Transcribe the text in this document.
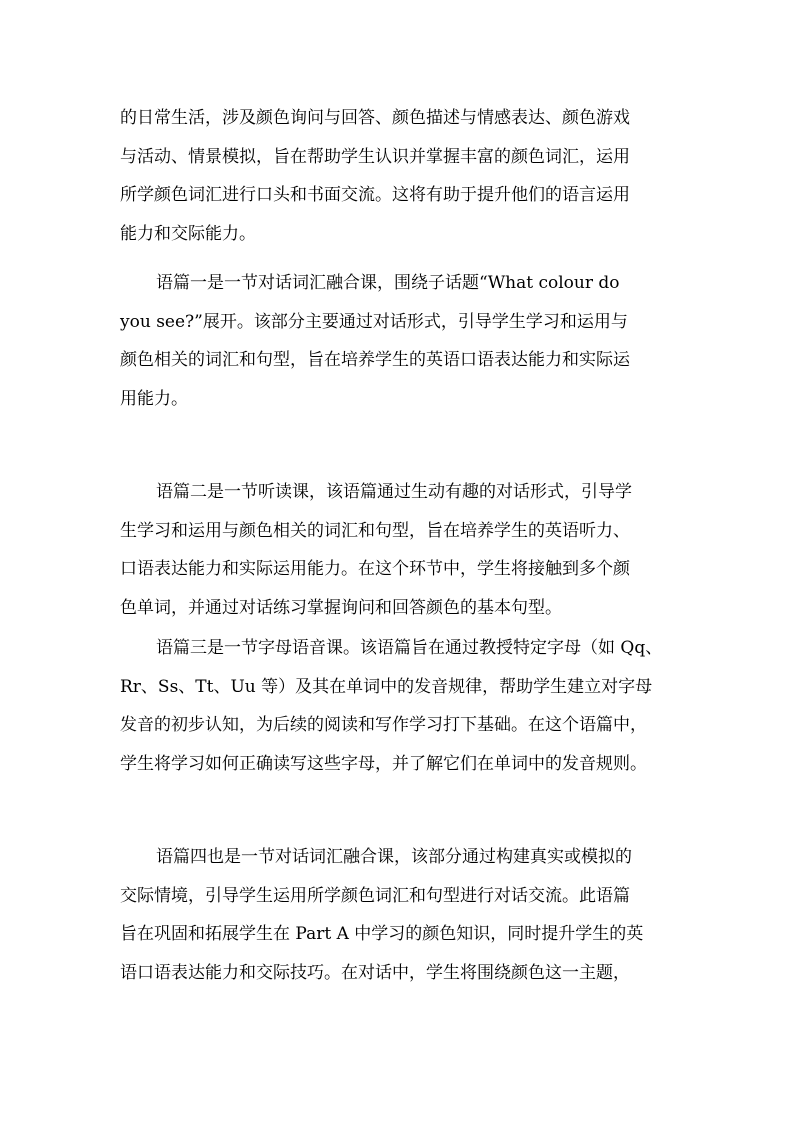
的日常生活，涉及颜色询问与回答、颜色描述与情感表达、颜色游戏
与活动、情景模拟，旨在帮助学生认识并掌握丰富的颜色词汇，运用
所学颜色词汇进行口头和书面交流。这将有助于提升他们的语言运用
能力和交际能力。

语篇一是一节对话词汇融合课，围绕子话题“What colour do
you see?”展开。该部分主要通过对话形式，引导学生学习和运用与
颜色相关的词汇和句型，旨在培养学生的英语口语表达能力和实际运
用能力。

语篇二是一节听读课，该语篇通过生动有趣的对话形式，引导学
生学习和运用与颜色相关的词汇和句型，旨在培养学生的英语听力、
口语表达能力和实际运用能力。在这个环节中，学生将接触到多个颜
色单词，并通过对话练习掌握询问和回答颜色的基本句型。

语篇三是一节字母语音课。该语篇旨在通过教授特定字母（如 Qq、
Rr、Ss、Tt、Uu 等）及其在单词中的发音规律，帮助学生建立对字母
发音的初步认知，为后续的阅读和写作学习打下基础。在这个语篇中，
学生将学习如何正确读写这些字母，并了解它们在单词中的发音规则。

语篇四也是一节对话词汇融合课，该部分通过构建真实或模拟的
交际情境，引导学生运用所学颜色词汇和句型进行对话交流。此语篇
旨在巩固和拓展学生在 Part A 中学习的颜色知识，同时提升学生的英
语口语表达能力和交际技巧。在对话中，学生将围绕颜色这一主题，
